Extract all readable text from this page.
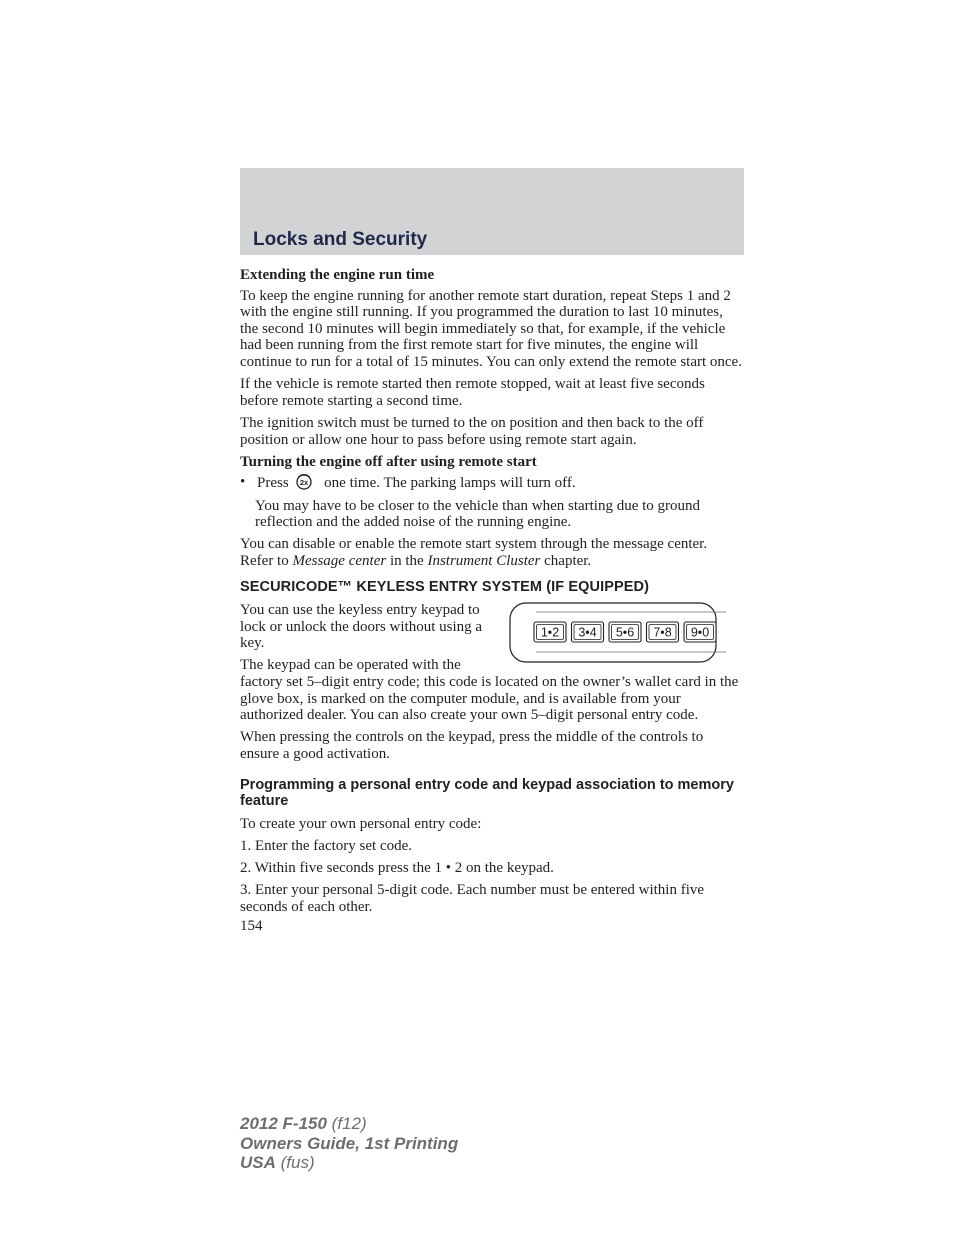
Locks and Security

Extending the engine run time

To keep the engine running for another remote start duration, repeat Steps 1 and 2 with the engine still running. If you programmed the duration to last 10 minutes, the second 10 minutes will begin immediately so that, for example, if the vehicle had been running from the first remote start for five minutes, the engine will continue to run for a total of 15 minutes. You can only extend the remote start once.

If the vehicle is remote started then remote stopped, wait at least five seconds before remote starting a second time.

The ignition switch must be turned to the on position and then back to the off position or allow one hour to pass before using remote start again.

Turning the engine off after using remote start

• Press 2x one time. The parking lamps will turn off.

You may have to be closer to the vehicle than when starting due to ground reflection and the added noise of the running engine.

You can disable or enable the remote start system through the message center. Refer to Message center in the Instrument Cluster chapter.

SECURICODE™ KEYLESS ENTRY SYSTEM (IF EQUIPPED)

1•2 3•4 5•6 7•8 9•0

You can use the keyless entry keypad to lock or unlock the doors without using a key.

The keypad can be operated with the factory set 5–digit entry code; this code is located on the owner’s wallet card in the glove box, is marked on the computer module, and is available from your authorized dealer. You can also create your own 5–digit personal entry code.

When pressing the controls on the keypad, press the middle of the controls to ensure a good activation.

Programming a personal entry code and keypad association to memory feature

To create your own personal entry code:

1. Enter the factory set code.

2. Within five seconds press the 1 • 2 on the keypad.

3. Enter your personal 5-digit code. Each number must be entered within five seconds of each other.

154

2012 F-150 (f12)
Owners Guide, 1st Printing
USA (fus)
